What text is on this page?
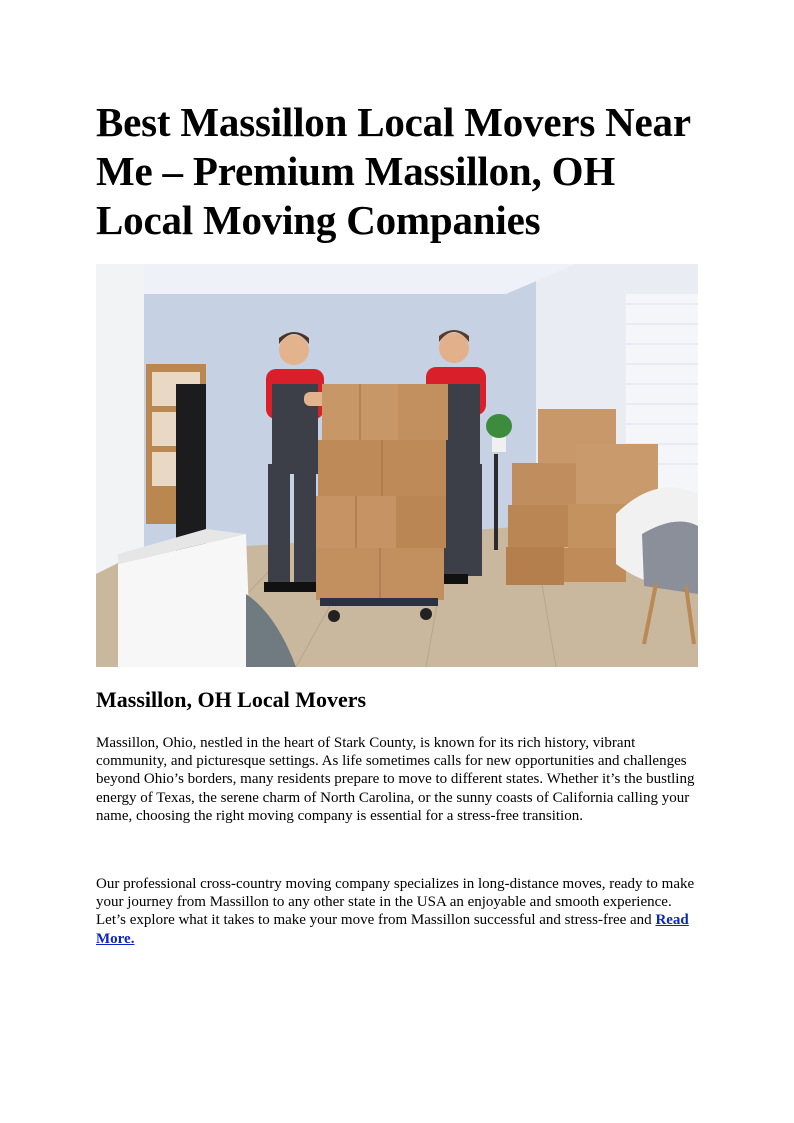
Best Massillon Local Movers Near Me – Premium Massillon, OH Local Moving Companies
Massillon, OH Local Movers

Massillon, Ohio, nestled in the heart of Stark County, is known for its rich history, vibrant community, and picturesque settings. As life sometimes calls for new opportunities and challenges beyond Ohio’s borders, many residents prepare to move to different states. Whether it’s the bustling energy of Texas, the serene charm of North Carolina, or the sunny coasts of California calling your name, choosing the right moving company is essential for a stress-free transition.

Our professional cross-country moving company specializes in long-distance moves, ready to make your journey from Massillon to any other state in the USA an enjoyable and smooth experience. Let’s explore what it takes to make your move from Massillon successful and stress-free and Read More.
